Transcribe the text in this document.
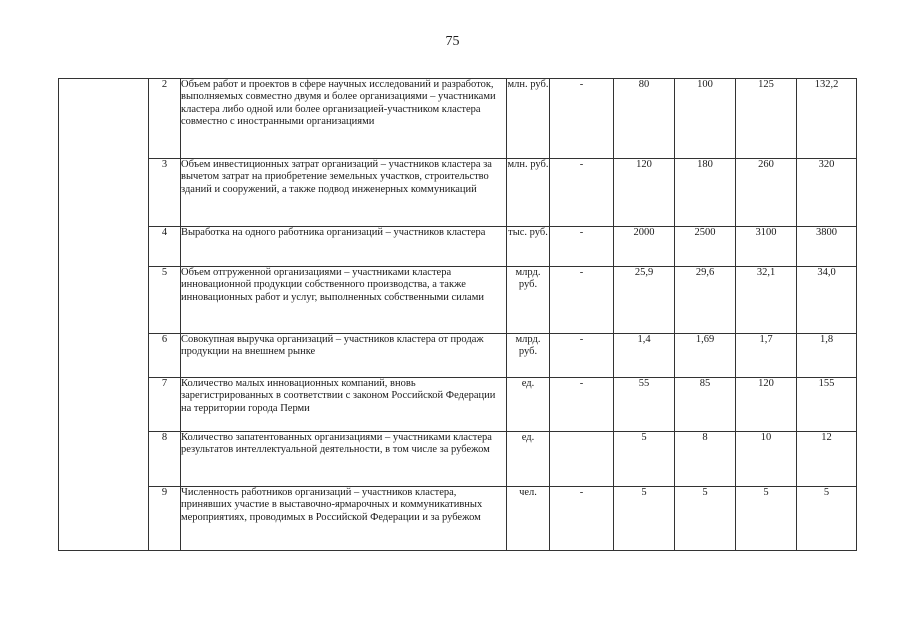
75
	2	Объем работ и проектов в сфере научных исследований и разработок, выполняемых совместно двумя и более организациями – участниками кластера либо одной или более организацией-участником кластера совместно с иностранными организациями	млн. руб.	-	80	100	125	132,2
	3	Объем инвестиционных затрат организаций – участников кластера за вычетом затрат на приобретение земельных участков, строительство зданий и сооружений, а также подвод инженерных коммуникаций	млн. руб.	-	120	180	260	320
	4	Выработка на одного работника организаций – участников кластера	тыс. руб.	-	2000	2500	3100	3800
	5	Объем отгруженной организациями – участниками кластера инновационной продукции собственного производства, а также инновационных работ и услуг, выполненных собственными силами	млрд. руб.	-	25,9	29,6	32,1	34,0
	6	Совокупная выручка организаций – участников кластера от продаж продукции на внешнем рынке	млрд. руб.	-	1,4	1,69	1,7	1,8
	7	Количество малых инновационных компаний, вновь зарегистрированных в соответствии с законом Российской Федерации на территории города Перми	ед.	-	55	85	120	155
	8	Количество запатентованных организациями – участниками кластера результатов интеллектуальной деятельности, в том числе за рубежом	ед.		5	8	10	12
	9	Численность работников организаций – участников кластера, принявших участие в выставочно-ярмарочных и коммуникативных мероприятиях, проводимых в Российской Федерации и за рубежом	чел.	-	5	5	5	5
